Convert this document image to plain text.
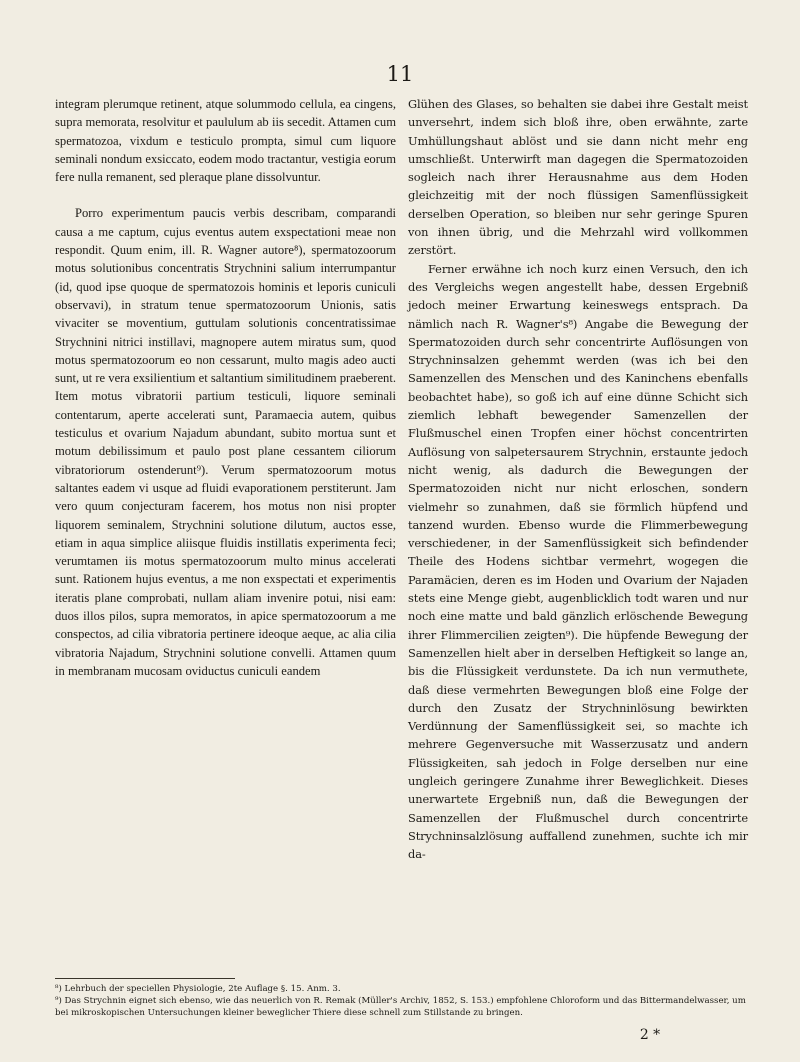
11

integram plerumque retinent, atque solummodo cellula, ea cingens, supra memorata, resolvitur et paululum ab iis secedit. Attamen cum spermatozoa, vixdum e testiculo prompta, simul cum liquore seminali nondum exsiccato, eodem modo tractantur, vestigia eorum fere nulla remanent, sed pleraque plane dissolvuntur.

Porro experimentum paucis verbis describam, comparandi causa a me captum, cujus eventus autem exspectationi meae non respondit. Quum enim, ill. R. Wagner autore⁸), spermatozoorum motus solutionibus concentratis Strychnini salium interrumpantur (id, quod ipse quoque de spermatozois hominis et leporis cuniculi observavi), in stratum tenue spermatozoorum Unionis, satis vivaciter se moventium, guttulam solutionis concentratissimae Strychnini nitrici instillavi, magnopere autem miratus sum, quod motus spermatozoorum eo non cessarunt, multo magis adeo aucti sunt, ut re vera exsilientium et saltantium similitudinem praeberent. Item motus vibratorii partium testiculi, liquore seminali contentarum, aperte accelerati sunt, Paramaecia autem, quibus testiculus et ovarium Najadum abundant, subito mortua sunt et motum debilissimum et paulo post plane cessantem ciliorum vibratoriorum ostenderunt⁹). Verum spermatozoorum motus saltantes eadem vi usque ad fluidi evaporationem perstiterunt. Jam vero quum conjecturam facerem, hos motus non nisi propter liquorem seminalem, Strychnini solutione dilutum, auctos esse, etiam in aqua simplice aliisque fluidis instillatis experimenta feci; verumtamen iis motus spermatozoorum multo minus accelerati sunt. Rationem hujus eventus, a me non exspectati et experimentis iteratis plane comprobati, nullam aliam invenire potui, nisi eam: duos illos pilos, supra memoratos, in apice spermatozoorum a me conspectos, ad cilia vibratoria pertinere ideoque aeque, ac alia cilia vibratoria Najadum, Strychnini solutione convelli. Attamen quum in membranam mucosam oviductus cuniculi eandem

Glühen des Glases, so behalten sie dabei ihre Gestalt meist unversehrt, indem sich bloß ihre, oben erwähnte, zarte Umhüllungshaut ablöst und sie dann nicht mehr eng umschließt. Unterwirft man dagegen die Spermatozoiden sogleich nach ihrer Herausnahme aus dem Hoden gleichzeitig mit der noch flüssigen Samenflüssigkeit derselben Operation, so bleiben nur sehr geringe Spuren von ihnen übrig, und die Mehrzahl wird vollkommen zerstört.

Ferner erwähne ich noch kurz einen Versuch, den ich des Vergleichs wegen angestellt habe, dessen Ergebniß jedoch meiner Erwartung keineswegs entsprach. Da nämlich nach R. Wagner's⁸) Angabe die Bewegung der Spermatozoiden durch sehr concentrirte Auflösungen von Strychninsalzen gehemmt werden (was ich bei den Samenzellen des Menschen und des Kaninchens ebenfalls beobachtet habe), so goß ich auf eine dünne Schicht sich ziemlich lebhaft bewegender Samenzellen der Flußmuschel einen Tropfen einer höchst concentrirten Auflösung von salpetersaurem Strychnin, erstaunte jedoch nicht wenig, als dadurch die Bewegungen der Spermatozoiden nicht nur nicht erloschen, sondern vielmehr so zunahmen, daß sie förmlich hüpfend und tanzend wurden. Ebenso wurde die Flimmerbewegung verschiedener, in der Samenflüssigkeit sich befindender Theile des Hodens sichtbar vermehrt, wogegen die Paramäcien, deren es im Hoden und Ovarium der Najaden stets eine Menge giebt, augenblicklich todt waren und nur noch eine matte und bald gänzlich erlöschende Bewegung ihrer Flimmercilien zeigten⁹). Die hüpfende Bewegung der Samenzellen hielt aber in derselben Heftigkeit so lange an, bis die Flüssigkeit verdunstete. Da ich nun vermuthete, daß diese vermehrten Bewegungen bloß eine Folge der durch den Zusatz der Strychninlösung bewirkten Verdünnung der Samenflüssigkeit sei, so machte ich mehrere Gegenversuche mit Wasserzusatz und andern Flüssigkeiten, sah jedoch in Folge derselben nur eine ungleich geringere Zunahme ihrer Beweglichkeit. Dieses unerwartete Ergebniß nun, daß die Bewegungen der Samenzellen der Flußmuschel durch concentrirte Strychninsalzlösung auffallend zunehmen, suchte ich mir da-

⁸) Lehrbuch der speciellen Physiologie, 2te Auflage §. 15. Anm. 3.

⁹) Das Strychnin eignet sich ebenso, wie das neuerlich von R. Remak (Müller's Archiv, 1852, S. 153.) empfohlene Chloroform und das Bittermandelwasser, um bei mikroskopischen Untersuchungen kleiner beweglicher Thiere diese schnell zum Stillstande zu bringen.

2 *
